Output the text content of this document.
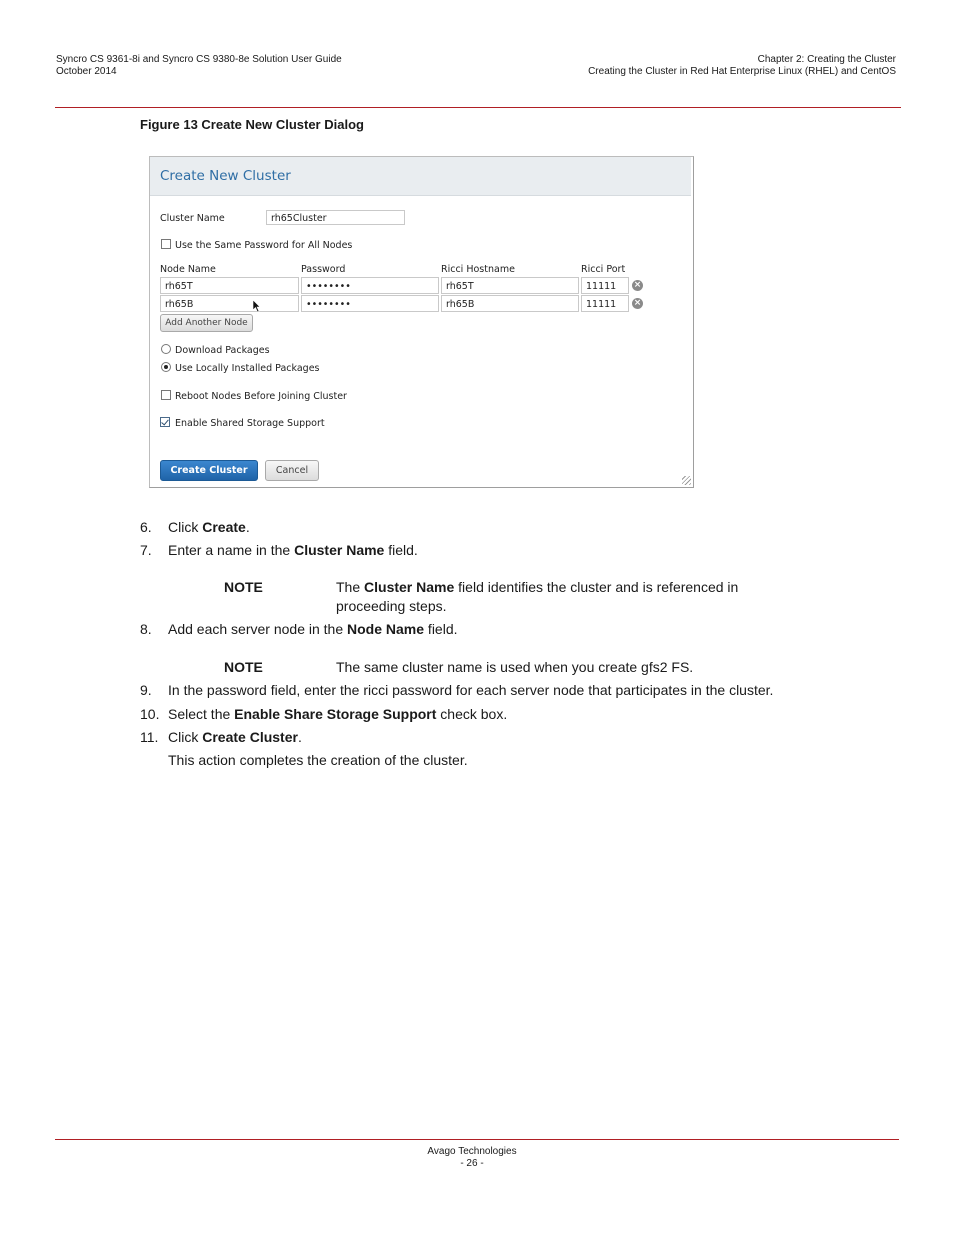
Syncro CS 9361-8i and Syncro CS 9380-8e Solution User Guide
October 2014
Chapter 2: Creating the Cluster
Creating the Cluster in Red Hat Enterprise Linux (RHEL) and CentOS
Figure 13 Create New Cluster Dialog
Create New Cluster
Cluster Name	rh65Cluster
Use the Same Password for All Nodes
Node Name	Password	Ricci Hostname	Ricci Port
rh65T	••••••••	rh65T	11111	×
rh65B	••••••••	rh65B	11111	×
Add Another Node
Download Packages
Use Locally Installed Packages
Reboot Nodes Before Joining Cluster
Enable Shared Storage Support
Create Cluster	Cancel
6. Click Create.
7. Enter a name in the Cluster Name field.
NOTE	The Cluster Name field identifies the cluster and is referenced in proceeding steps.
8. Add each server node in the Node Name field.
NOTE	The same cluster name is used when you create gfs2 FS.
9. In the password field, enter the ricci password for each server node that participates in the cluster.
10. Select the Enable Share Storage Support check box.
11. Click Create Cluster.
This action completes the creation of the cluster.
Avago Technologies
- 26 -
